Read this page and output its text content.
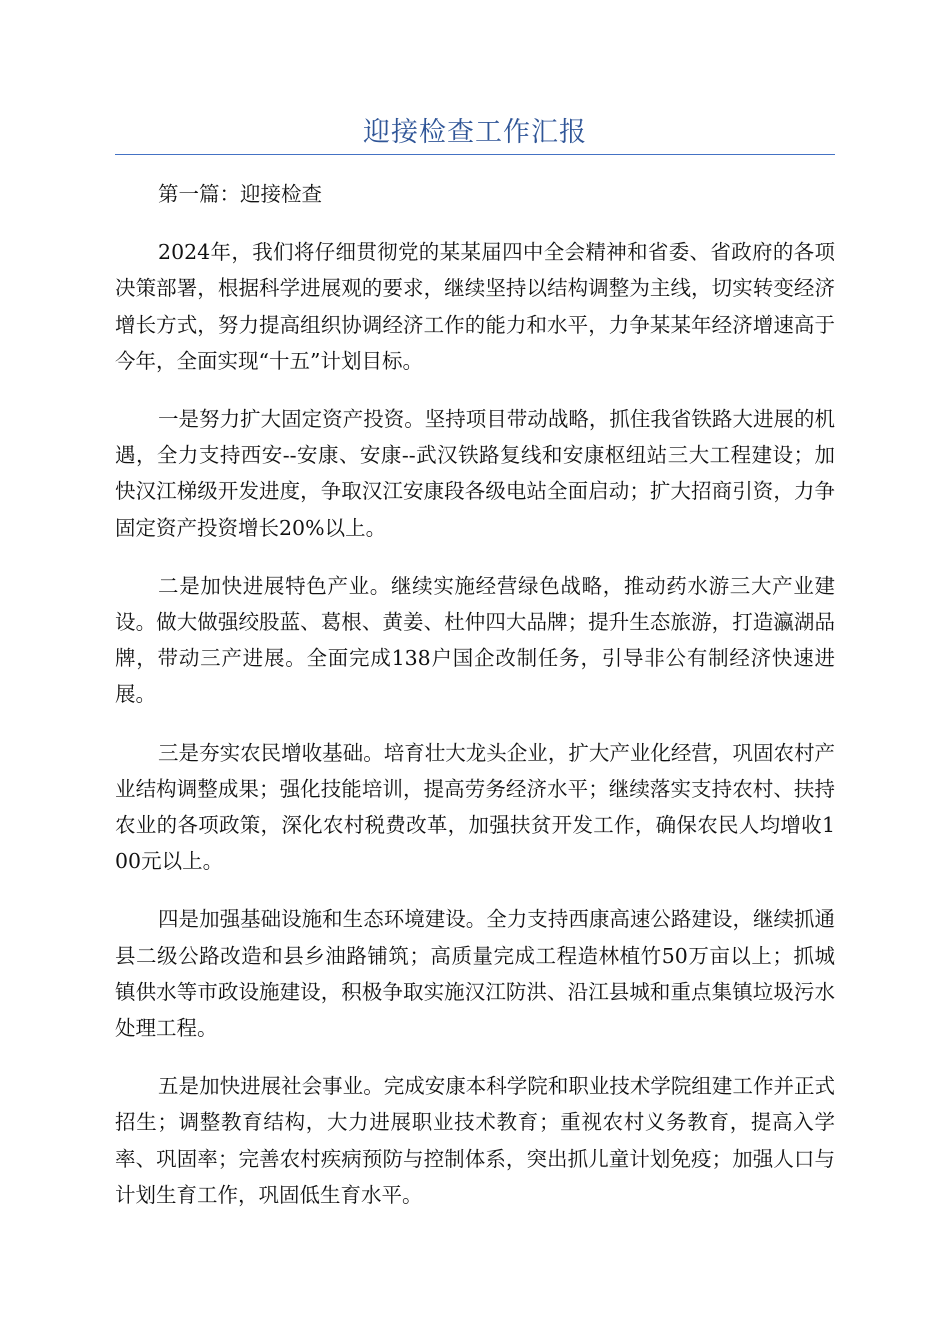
迎接检查工作汇报

第一篇：迎接检查

2024年，我们将仔细贯彻党的某某届四中全会精神和省委、省政府的各项决策部署，根据科学进展观的要求，继续坚持以结构调整为主线，切实转变经济增长方式，努力提高组织协调经济工作的能力和水平，力争某某年经济增速高于今年，全面实现“十五”计划目标。

一是努力扩大固定资产投资。坚持项目带动战略，抓住我省铁路大进展的机遇，全力支持西安--安康、安康--武汉铁路复线和安康枢纽站三大工程建设；加快汉江梯级开发进度，争取汉江安康段各级电站全面启动；扩大招商引资，力争固定资产投资增长20%以上。

二是加快进展特色产业。继续实施经营绿色战略，推动药水游三大产业建设。做大做强绞股蓝、葛根、黄姜、杜仲四大品牌；提升生态旅游，打造瀛湖品牌，带动三产进展。全面完成138户国企改制任务，引导非公有制经济快速进展。

三是夯实农民增收基础。培育壮大龙头企业，扩大产业化经营，巩固农村产业结构调整成果；强化技能培训，提高劳务经济水平；继续落实支持农村、扶持农业的各项政策，深化农村税费改革，加强扶贫开发工作，确保农民人均增收100元以上。

四是加强基础设施和生态环境建设。全力支持西康高速公路建设，继续抓通县二级公路改造和县乡油路铺筑；高质量完成工程造林植竹50万亩以上；抓城镇供水等市政设施建设，积极争取实施汉江防洪、沿江县城和重点集镇垃圾污水处理工程。

五是加快进展社会事业。完成安康本科学院和职业技术学院组建工作并正式招生；调整教育结构，大力进展职业技术教育；重视农村义务教育，提高入学率、巩固率；完善农村疾病预防与控制体系，突出抓儿童计划免疫；加强人口与计划生育工作，巩固低生育水平。
